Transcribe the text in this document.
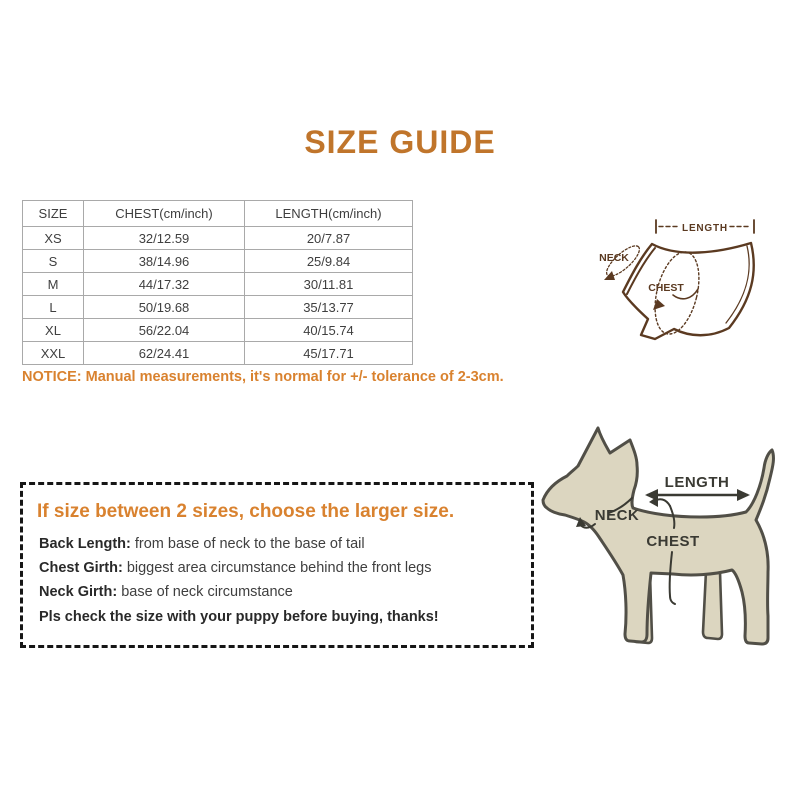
SIZE GUIDE
SIZE	CHEST(cm/inch)	LENGTH(cm/inch)
XS	32/12.59	20/7.87
S	38/14.96	25/9.84
M	44/17.32	30/11.81
L	50/19.68	35/13.77
XL	56/22.04	40/15.74
XXL	62/24.41	45/17.71
NOTICE: Manual measurements, it's normal for +/- tolerance of 2-3cm.
LENGTH
NECK
CHEST
If size between 2 sizes, choose the larger size.
Back Length: from base of neck to the base of tail
Chest Girth: biggest area circumstance behind the front legs
Neck Girth: base of neck circumstance
Pls check the size with your puppy before buying, thanks!
LENGTH
NECK
CHEST
